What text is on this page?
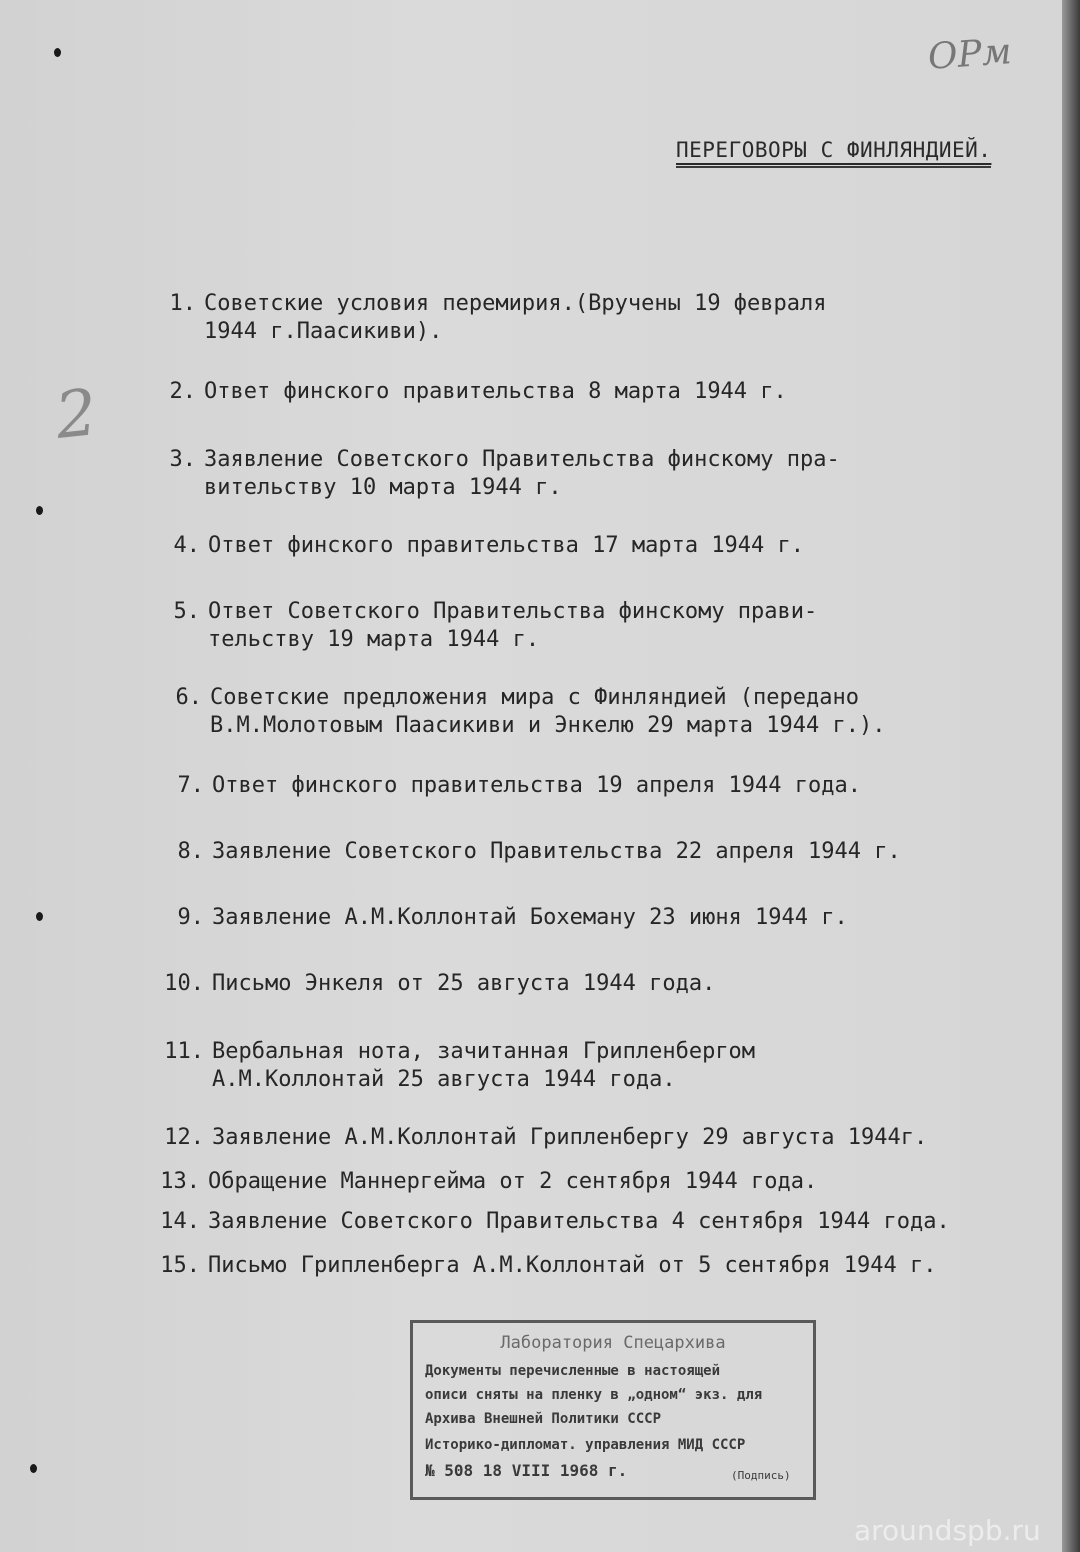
ОРм
ПЕРЕГОВОРЫ С ФИНЛЯНДИЕЙ.
2
1. Советские условия перемирия.(Вручены 19 февраля
1944 г.Паасикиви).
2. Ответ финского правительства 8 марта 1944 г.
3. Заявление Советского Правительства финскому пра-
вительству 10 марта 1944 г.
4. Ответ финского правительства 17 марта 1944 г.
5. Ответ Советского Правительства финскому прави-
тельству 19 марта 1944 г.
6. Советские предложения мира с Финляндией (передано
В.М.Молотовым Паасикиви и Энкелю 29 марта 1944 г.).
7. Ответ финского правительства 19 апреля 1944 года.
8. Заявление Советского Правительства 22 апреля 1944 г.
9. Заявление А.М.Коллонтай Бохеману 23 июня 1944 г.
10. Письмо Энкеля от 25 августа 1944 года.
11. Вербальная нота, зачитанная Грипленбергом
А.М.Коллонтай 25 августа 1944 года.
12. Заявление А.М.Коллонтай Грипленбергу 29 августа 1944г.
13. Обращение Маннергейма от 2 сентября 1944 года.
14. Заявление Советского Правительства 4 сентября 1944 года.
15. Письмо Грипленберга А.М.Коллонтай от 5 сентября 1944 г.
Лаборатория Спецархива
Документы перечисленные в настоящей
описи сняты на пленку в „одном“ экз. для
Архива Внешней Политики СССР
Историко-дипломат. управления МИД СССР
№ 508 18 VIII 1968 г.	(Подпись)
aroundspb.ru
